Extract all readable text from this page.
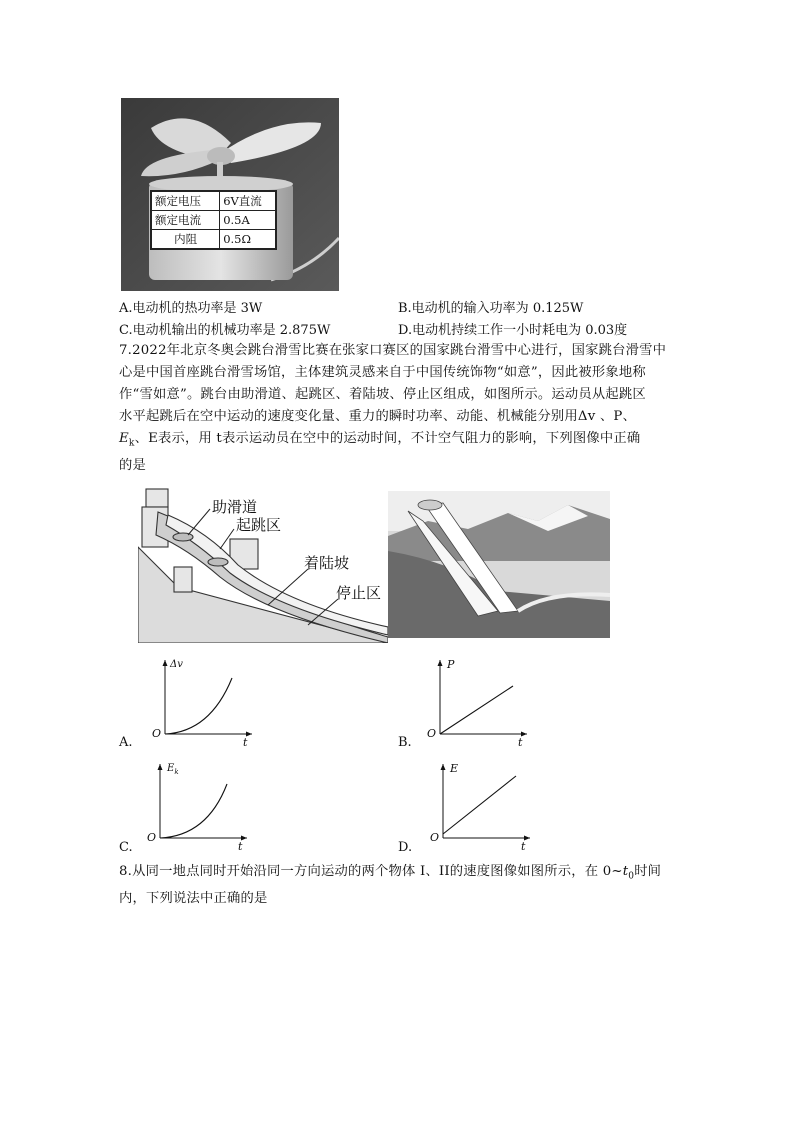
额定电压	6V直流
额定电流	0.5A
内阻	0.5Ω
A.电动机的热功率是 3W	B.电动机的输入功率为 0.125W
C.电动机输出的机械功率是 2.875W	D.电动机持续工作一小时耗电为 0.03度
7.2022年北京冬奥会跳台滑雪比赛在张家口赛区的国家跳台滑雪中心进行，国家跳台滑雪中
心是中国首座跳台滑雪场馆，主体建筑灵感来自于中国传统饰物“如意”，因此被形象地称
作“雪如意”。跳台由助滑道、起跳区、着陆坡、停止区组成，如图所示。运动员从起跳区
水平起跳后在空中运动的速度变化量、重力的瞬时功率、动能、机械能分别用Δv 、P、
$E_k$、E表示，用 t表示运动员在空中的运动时间，不计空气阻力的影响，下列图像中正确
的是
助滑道
起跳区
着陆坡
停止区
A.
Δv
O
t	B.
P
O
t
C.
$E_k$
O
t	D.
E
O
t
8.从同一地点同时开始沿同一方向运动的两个物体 I、II的速度图像如图所示，在 $0\sim t_0$时间
内，下列说法中正确的是
